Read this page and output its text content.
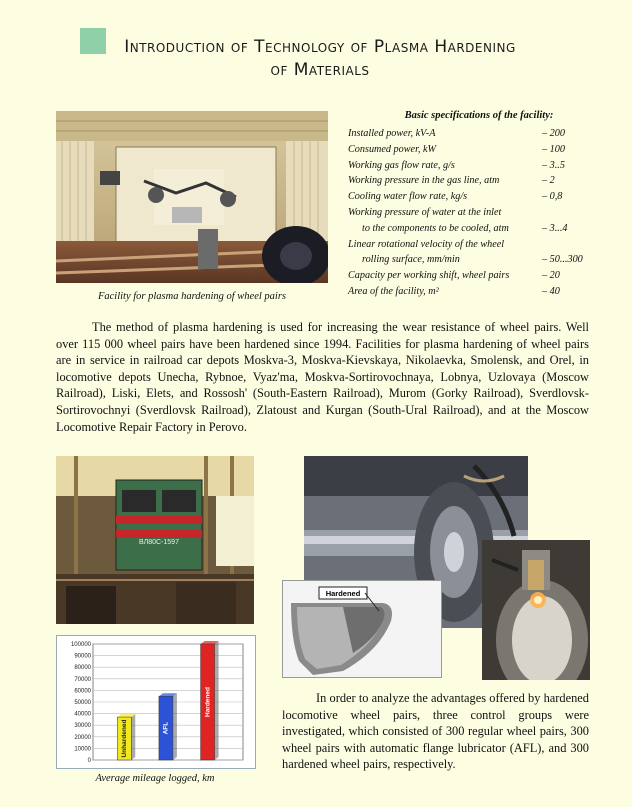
Introduction of Technology of Plasma Hardening
of Materials
Facility for plasma hardening of wheel pairs
Basic specifications of the facility:
Installed power, kV-A	– 200
Consumed power, kW	– 100
Working gas flow rate, g/s	– 3..5
Working pressure in the gas line, atm	– 2
Cooling water flow rate, kg/s	– 0,8
Working pressure of water at the inlet
to the components to be cooled, atm	– 3...4
Linear rotational velocity of the wheel
rolling surface, mm/min	– 50...300
Capacity per working shift, wheel pairs	– 20
Area of the facility, m²	– 40

The method of plasma hardening is used for increasing the wear resistance of wheel pairs. Well over 115 000 wheel pairs have been hardened since 1994. Facilities for plasma hardening of wheel pairs are in service in railroad car depots Moskva-3, Moskva-Kievskaya, Nikolaevka, Smolensk, and Orel, in locomotive depots Unecha, Rybnoe, Vyaz'ma, Moskva-Sortirovochnaya, Lobnya, Uzlovaya (Moscow Railroad), Liski, Elets, and Rossosh' (South-Eastern Railroad), Murom (Gorky Railroad), Sverdlovsk-Sortirovochnyi (Sverdlovsk Railroad), Zlatoust and Kurgan (South-Ural Railroad), and at the Moscow Locomotive Repair Factory in Perovo.

ВЛ80С-1597
0
10000
20000
30000
40000
50000
60000
70000
80000
90000
100000
Unhardened	AFL
Hardened
Average mileage logged, km
Hardened

In order to analyze the advantages offered by hardened locomotive wheel pairs, three control groups were investigated, which consisted of 300 regular wheel pairs, 300 wheel pairs with automatic flange lubricator (AFL), and 300 hardened wheel pairs, respectively.
